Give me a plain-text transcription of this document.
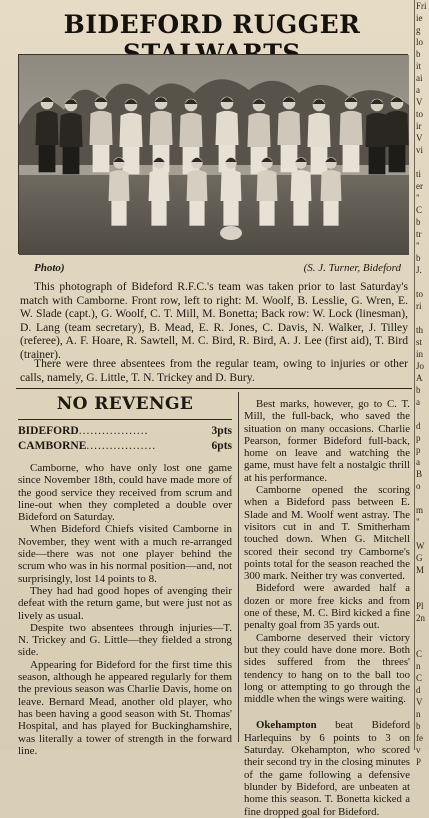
Fri
ie
g
lo
b
it
ai
a
V
to
ir
V
vi
ti
er
"
C
b
tr
"
b
J.
to
ri
th
st
in
Jo
A
b
a
d
p
p
a
B
o
m
"
W
G
M
Pl
2n
C
n
C
d
V
n
b
fe
v
P
BIDEFORD RUGGER
Photo)	(S. J. Turner, Bideford

This photograph of Bideford R.F.C.'s team was taken prior to last Saturday's match with Camborne. Front row, left to right: M. Woolf, B. Lesslie, G. Wren, E. W. Slade (capt.), G. Woolf, C. T. Mill, M. Bonetta; Back row: W. Lock (linesman), D. Lang (team secretary), B. Mead, E. R. Jones, C. Davis, N. Walker, J. Tilley (referee), A. F. Hoare, R. Sawtell, M. C. Bird, R. Bird, A. J. Lee (first aid), T. Bird (trainer).

There were three absentees from the regular team, owing to injuries or other calls, namely, G. Little, T. N. Trickey and D. Bury.

NO REVENGE
BIDEFORD ..................	3pts
CAMBORNE ..................	6pts

Camborne, who have only lost one game since November 18th, could have made more of the good service they received from scrum and line-out when they completed a double over Bideford on Saturday.

When Bideford Chiefs visited Camborne in November, they went with a much re-arranged side—there was not one player behind the scrum who was in his normal position—and, not surprisingly, lost 14 points to 8.

They had had good hopes of avenging their defeat with the return game, but were just not as lively as usual.

Despite two absentees through injuries—T. N. Trickey and G. Little—they fielded a strong side.

Appearing for Bideford for the first time this season, although he appeared regularly for them the previous season was Charlie Davis, home on leave. Bernard Mead, another old player, who has been having a good season with St. Thomas' Hospital, and has played for Buckinghamshire, was literally a tower of strength in the forward line.

Best marks, however, go to C. T. Mill, the full-back, who saved the situation on many occasions. Charlie Pearson, former Bideford full-back, home on leave and watching the game, must have felt a nostalgic thrill at his performance.

Camborne opened the scoring when a Bideford pass between E. Slade and M. Woolf went astray. The visitors cut in and T. Smitherham touched down. When G. Mitchell scored their second try Camborne's points total for the season reached the 300 mark. Neither try was converted.

Bideford were awarded half a dozen or more free kicks and from one of these, M. C. Bird kicked a fine penalty goal from 35 yards out.

Camborne deserved their victory but they could have done more. Both sides suffered from the threes' tendency to hang on to the ball too long or attempting to go through the middle when the wings were waiting.

Okehampton beat Bideford Harlequins by 6 points to 3 on Saturday. Okehampton, who scored their second try in the closing minutes of the game following a defensive blunder by Bideford, are unbeaten at home this season. T. Bonetta kicked a fine dropped goal for Bideford.
